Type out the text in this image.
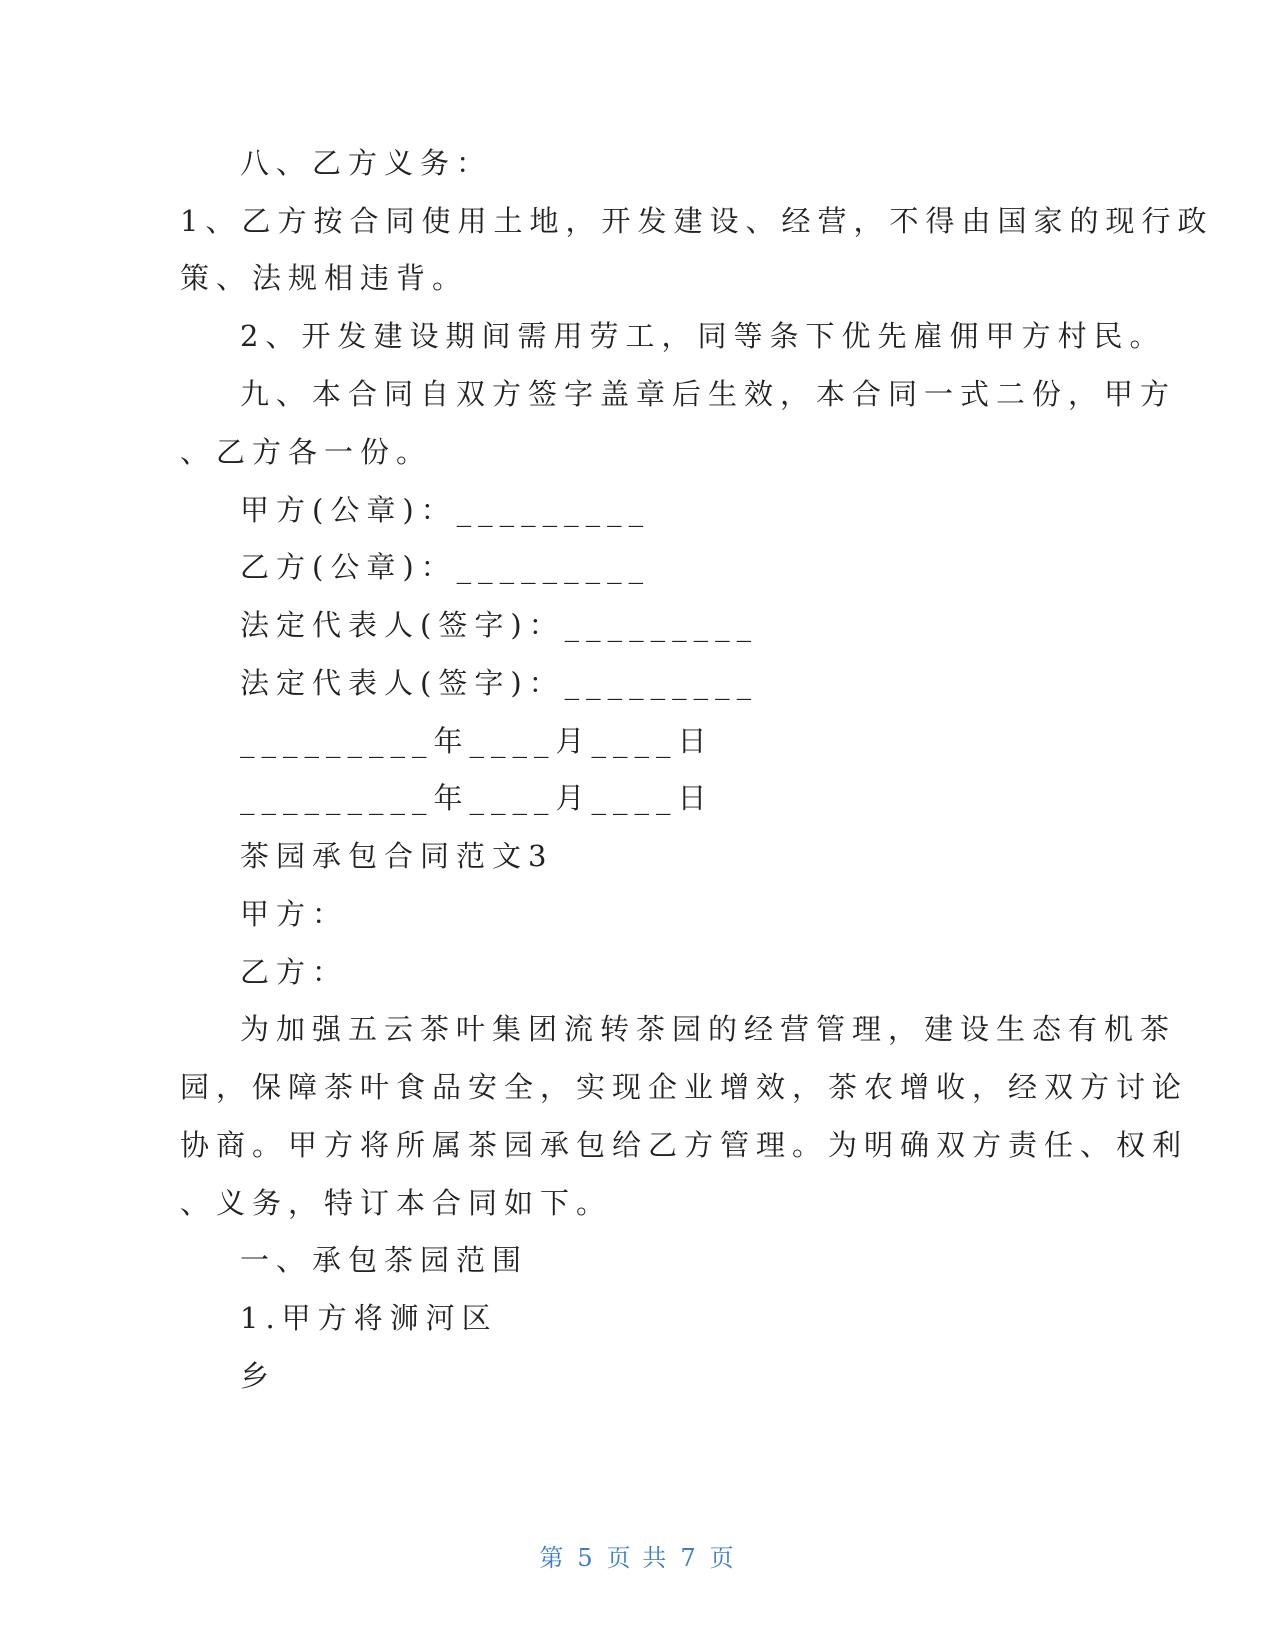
八、乙方义务：
1、乙方按合同使用土地，开发建设、经营，不得由国家的现行政
策、法规相违背。
2、开发建设期间需用劳工，同等条下优先雇佣甲方村民。
九、本合同自双方签字盖章后生效，本合同一式二份，甲方
、乙方各一份。
甲方(公章)：_________
乙方(公章)：_________
法定代表人(签字)：_________
法定代表人(签字)：_________
_________年____月____日
_________年____月____日
茶园承包合同范文3
甲方：
乙方：
为加强五云茶叶集团流转茶园的经营管理，建设生态有机茶
园，保障茶叶食品安全，实现企业增效，茶农增收，经双方讨论
协商。甲方将所属茶园承包给乙方管理。为明确双方责任、权利
、义务，特订本合同如下。
一、承包茶园范围
1.甲方将浉河区
乡
第 5 页 共 7 页
